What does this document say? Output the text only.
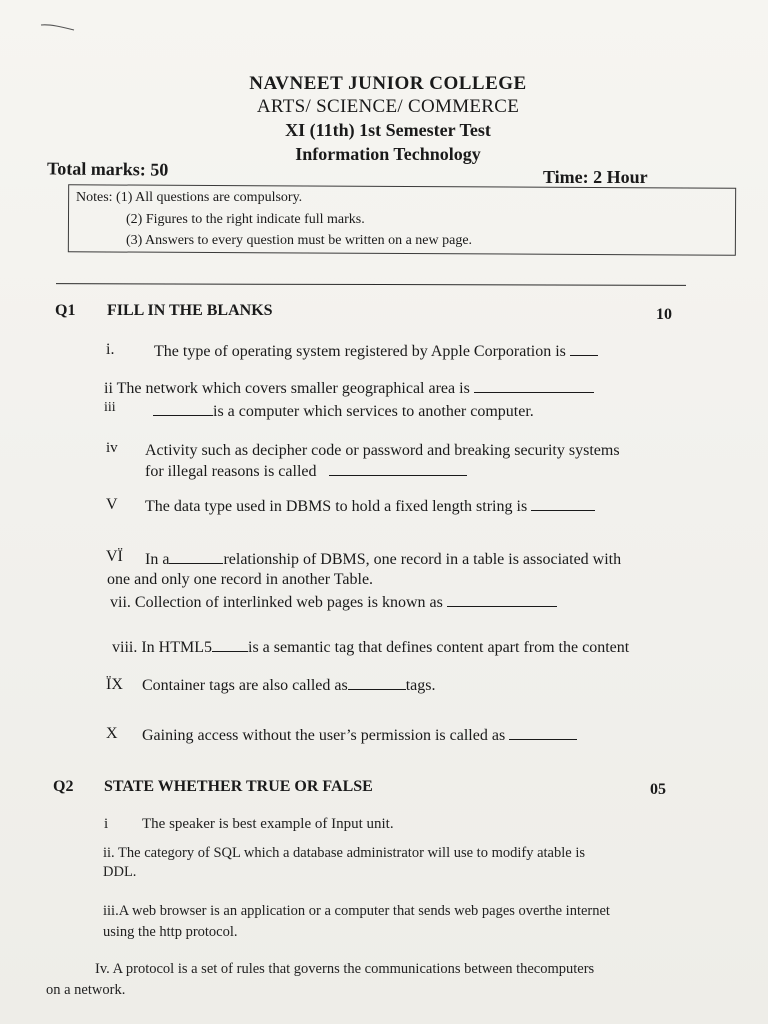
NAVNEET JUNIOR COLLEGE
ARTS/ SCIENCE/ COMMERCE
XI (11th) 1st Semester Test
Information Technology
Total marks: 50	Time: 2 Hour
Notes: (1) All questions are compulsory.
(2) Figures to the right indicate full marks.
(3) Answers to every question must be written on a new page.
Q1 FILL IN THE BLANKS	10
i. The type of operating system registered by Apple Corporation is
ii The network which covers smaller geographical area is
iii	is a computer which services to another computer.
iv Activity such as decipher code or password and breaking security systems
for illegal reasons is called
V The data type used in DBMS to hold a fixed length string is
VÏ In a	relationship of DBMS, one record in a table is associated with
one and only one record in another Table.
vii. Collection of interlinked web pages is known as
viii. In HTML5 is a semantic tag that defines content apart from the content
ÏX Container tags are also called as	tags.
X Gaining access without the user’s permission is called as
Q2 STATE WHETHER TRUE OR FALSE	05
i The speaker is best example of Input unit.
ii. The category of SQL which a database administrator will use to modify atable is
DDL.
iii.A web browser is an application or a computer that sends web pages overthe internet
using the http protocol.
Iv. A protocol is a set of rules that governs the communications between thecomputers
on a network.
